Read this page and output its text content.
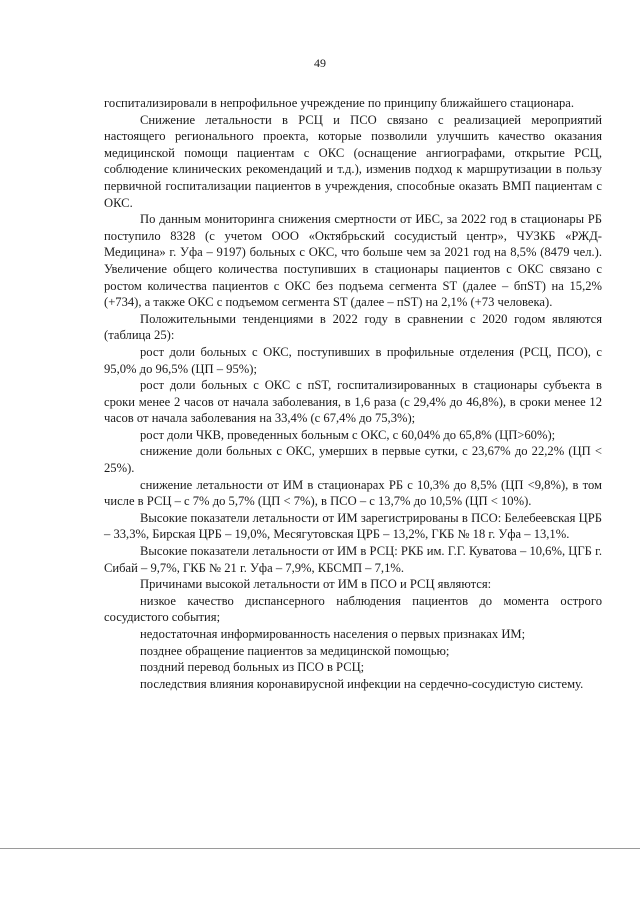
49

госпитализировали в непрофильное учреждение по принципу ближайшего стационара.

Снижение летальности в РСЦ и ПСО связано с реализацией мероприятий настоящего регионального проекта, которые позволили улучшить качество оказания медицинской помощи пациентам с ОКС (оснащение ангиографами, открытие РСЦ, соблюдение клинических рекомендаций и т.д.), изменив подход к маршрутизации в пользу первичной госпитализации пациентов в учреждения, способные оказать ВМП пациентам с ОКС.

По данным мониторинга снижения смертности от ИБС, за 2022 год в стационары РБ поступило 8328 (с учетом ООО «Октябрьский сосудистый центр», ЧУЗКБ «РЖД-Медицина» г. Уфа – 9197) больных с ОКС, что больше чем за 2021 год на 8,5% (8479 чел.). Увеличение общего количества поступивших в стационары пациентов с ОКС связано с ростом количества пациентов с ОКС без подъема сегмента ST (далее – бпST) на 15,2% (+734), а также ОКС с подъемом сегмента ST (далее – пST) на 2,1% (+73 человека).

Положительными тенденциями в 2022 году в сравнении с 2020 годом являются (таблица 25):

рост доли больных с ОКС, поступивших в профильные отделения (РСЦ, ПСО), с 95,0% до 96,5% (ЦП – 95%);

рост доли больных с ОКС с пST, госпитализированных в стационары субъекта в сроки менее 2 часов от начала заболевания, в 1,6 раза (с 29,4% до 46,8%), в сроки менее 12 часов от начала заболевания на 33,4% (с 67,4% до 75,3%);

рост доли ЧКВ, проведенных больным с ОКС, с 60,04% до 65,8% (ЦП>60%);

снижение доли больных с ОКС, умерших в первые сутки, с 23,67% до 22,2% (ЦП < 25%).

снижение летальности от ИМ в стационарах РБ с 10,3% до 8,5% (ЦП <9,8%), в том числе в РСЦ – с 7% до 5,7% (ЦП < 7%), в ПСО – с 13,7% до 10,5% (ЦП < 10%).

Высокие показатели летальности от ИМ зарегистрированы в ПСО: Белебеевская ЦРБ – 33,3%, Бирская ЦРБ – 19,0%, Месягутовская ЦРБ – 13,2%, ГКБ № 18 г. Уфа – 13,1%.

Высокие показатели летальности от ИМ в РСЦ: РКБ им. Г.Г. Куватова – 10,6%, ЦГБ г. Сибай – 9,7%, ГКБ № 21 г. Уфа – 7,9%, КБСМП – 7,1%.

Причинами высокой летальности от ИМ в ПСО и РСЦ являются:

низкое качество диспансерного наблюдения пациентов до момента острого сосудистого события;

недостаточная информированность населения о первых признаках ИМ;

позднее обращение пациентов за медицинской помощью;

поздний перевод больных из ПСО в РСЦ;

последствия влияния коронавирусной инфекции на сердечно-сосудистую систему.
